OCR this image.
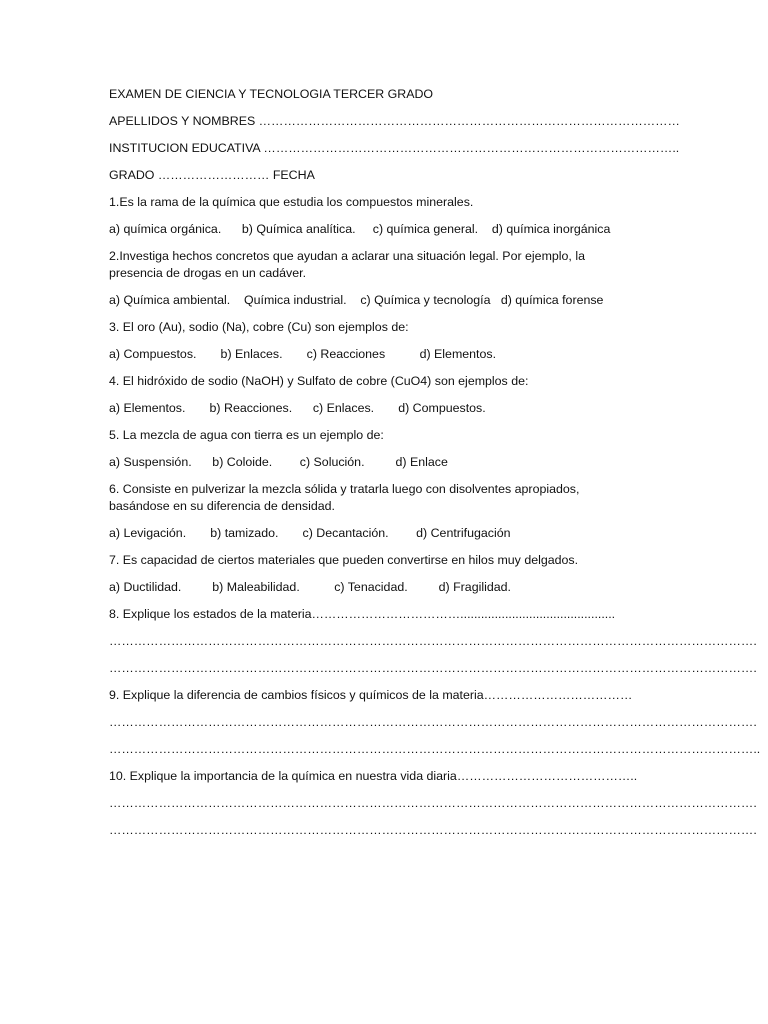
EXAMEN DE CIENCIA Y TECNOLOGIA TERCER GRADO
APELLIDOS Y NOMBRES …………………………………………………………………………………………
INSTITUCION EDUCATIVA ………………………………………………………………………………………..
GRADO ……………………… FECHA
1.Es la rama de la química que estudia los compuestos minerales.
a) química orgánica.      b) Química analítica.     c) química general.    d) química inorgánica
2.Investiga hechos concretos que ayudan a aclarar una situación legal. Por ejemplo, la presencia de drogas en un cadáver.
a) Química ambiental.    Química industrial.    c) Química y tecnología   d) química forense
3. El oro (Au), sodio (Na), cobre (Cu) son ejemplos de:
a) Compuestos.       b) Enlaces.       c) Reacciones          d) Elementos.
4. El hidróxido de sodio (NaOH) y Sulfato de cobre (CuO4) son ejemplos de:
a) Elementos.       b) Reacciones.      c) Enlaces.       d) Compuestos.
5. La mezcla de agua con tierra es un ejemplo de:
a) Suspensión.      b) Coloide.        c) Solución.         d) Enlace
6. Consiste en pulverizar la mezcla sólida y tratarla luego con disolventes apropiados, basándose en su diferencia de densidad.
a) Levigación.       b) tamizado.       c) Decantación.        d) Centrifugación
7. Es capacidad de ciertos materiales que pueden convertirse en hilos muy delgados.
a) Ductilidad.         b) Maleabilidad.          c) Tenacidad.         d) Fragilidad.
8. Explique los estados de la materia……………………………….............................................
………………………………………………………………………………………………………………………………………….
………………………………………………………………………………………………………………………………………….
9. Explique la diferencia de cambios físicos y químicos de la materia………………………………
………………………………………………………………………………………………………………………………………….
…………………………………………………………………………………………………………………………………………..
10. Explique la importancia de la química en nuestra vida diaria……………………………………..
………………………………………………………………………………………………………………………………………….
………………………………………………………………………………………………………………………………………….
